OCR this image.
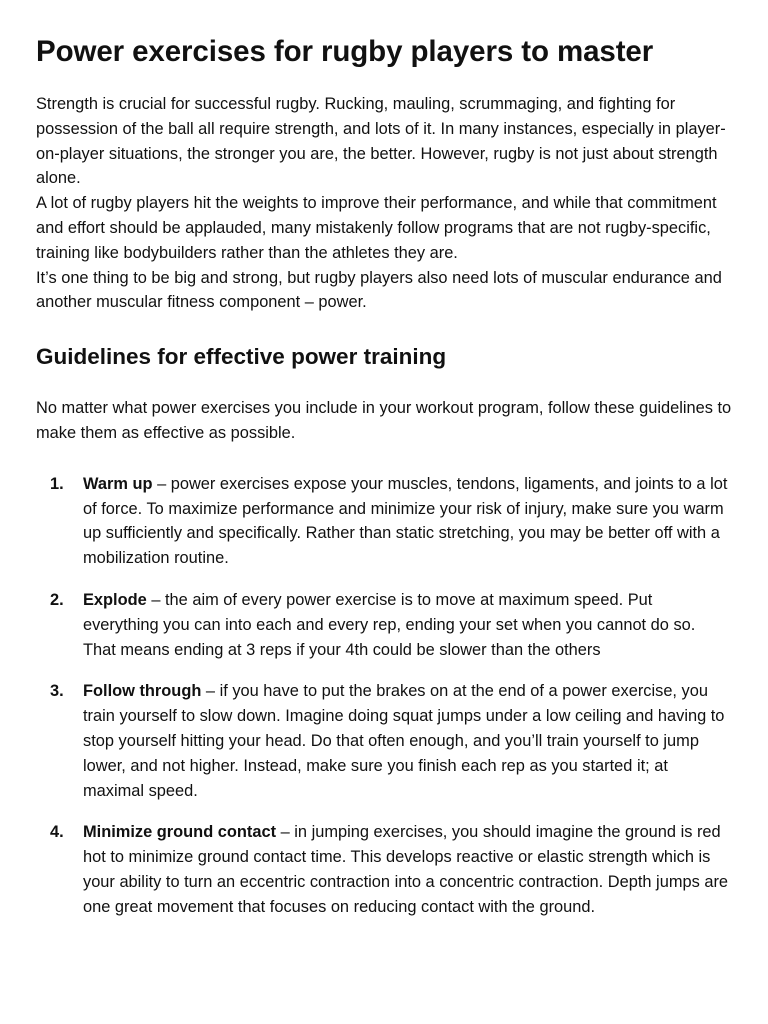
Power exercises for rugby players to master

Strength is crucial for successful rugby. Rucking, mauling, scrummaging, and fighting for possession of the ball all require strength, and lots of it. In many instances, especially in player-on-player situations, the stronger you are, the better. However, rugby is not just about strength alone.

A lot of rugby players hit the weights to improve their performance, and while that commitment and effort should be applauded, many mistakenly follow programs that are not rugby-specific, training like bodybuilders rather than the athletes they are.

It’s one thing to be big and strong, but rugby players also need lots of muscular endurance and another muscular fitness component – power.

Guidelines for effective power training

No matter what power exercises you include in your workout program, follow these guidelines to make them as effective as possible.

1. Warm up – power exercises expose your muscles, tendons, ligaments, and joints to a lot of force. To maximize performance and minimize your risk of injury, make sure you warm up sufficiently and specifically. Rather than static stretching, you may be better off with a mobilization routine.
2. Explode – the aim of every power exercise is to move at maximum speed. Put everything you can into each and every rep, ending your set when you cannot do so. That means ending at 3 reps if your 4th could be slower than the others
3. Follow through – if you have to put the brakes on at the end of a power exercise, you train yourself to slow down. Imagine doing squat jumps under a low ceiling and having to stop yourself hitting your head. Do that often enough, and you’ll train yourself to jump lower, and not higher. Instead, make sure you finish each rep as you started it; at maximal speed.
4. Minimize ground contact – in jumping exercises, you should imagine the ground is red hot to minimize ground contact time. This develops reactive or elastic strength which is your ability to turn an eccentric contraction into a concentric contraction. Depth jumps are one great movement that focuses on reducing contact with the ground.
